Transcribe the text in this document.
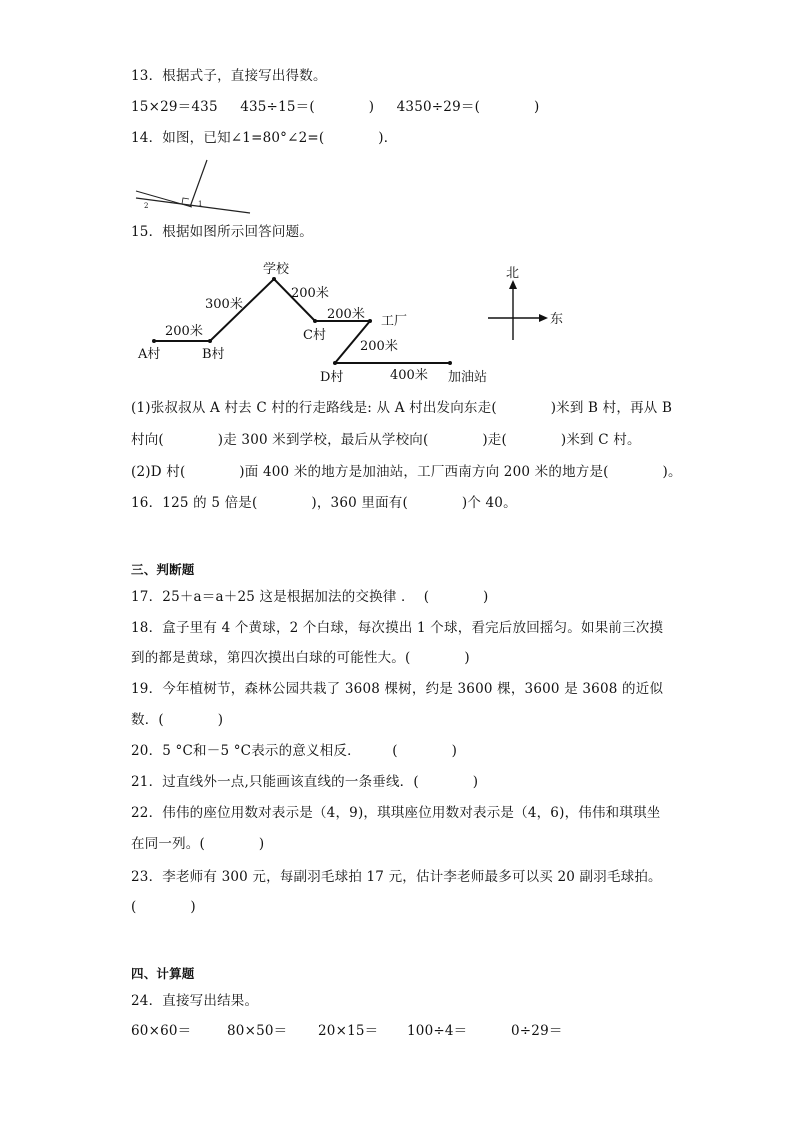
13．根据式子，直接写出得数。
15×29＝435     435÷15＝(            )     4350÷29＝(            )
14．如图，已知∠1=80°∠2=(            )．
2	1
15．根据如图所示回答问题。
学校
300米
200米
200米
200米 工厂
C村
200米
A村	B村
D村	400米 加油站
北
东
(1)张叔叔从 A 村去 C 村的行走路线是: 从 A 村出发向东走(            )米到 B 村，再从 B
村向(            )走 300 米到学校，最后从学校向(            )走(            )米到 C 村。
(2)D 村(            )面 400 米的地方是加油站，工厂西南方向 200 米的地方是(            )。
16．125 的 5 倍是(            )，360 里面有(            )个 40。
三、判断题
17．25＋a＝a＋25 这是根据加法的交换律 ．  (            )
18．盒子里有 4 个黄球，2 个白球，每次摸出 1 个球，看完后放回摇匀。如果前三次摸
到的都是黄球，第四次摸出白球的可能性大。(            )
19．今年植树节，森林公园共栽了 3608 棵树，约是 3600 棵，3600 是 3608 的近似
数．(            )
20．5 °C和－5 °C表示的意义相反．       (            )
21．过直线外一点,只能画该直线的一条垂线．(            )
22．伟伟的座位用数对表示是（4，9)，琪琪座位用数对表示是（4，6)，伟伟和琪琪坐
在同一列。(            )
23．李老师有 300 元，每副羽毛球拍 17 元，估计李老师最多可以买 20 副羽毛球拍。
(            )
四、计算题
24．直接写出结果。
60×60＝	80×50＝ 20×15＝ 100÷4＝	0÷29＝
